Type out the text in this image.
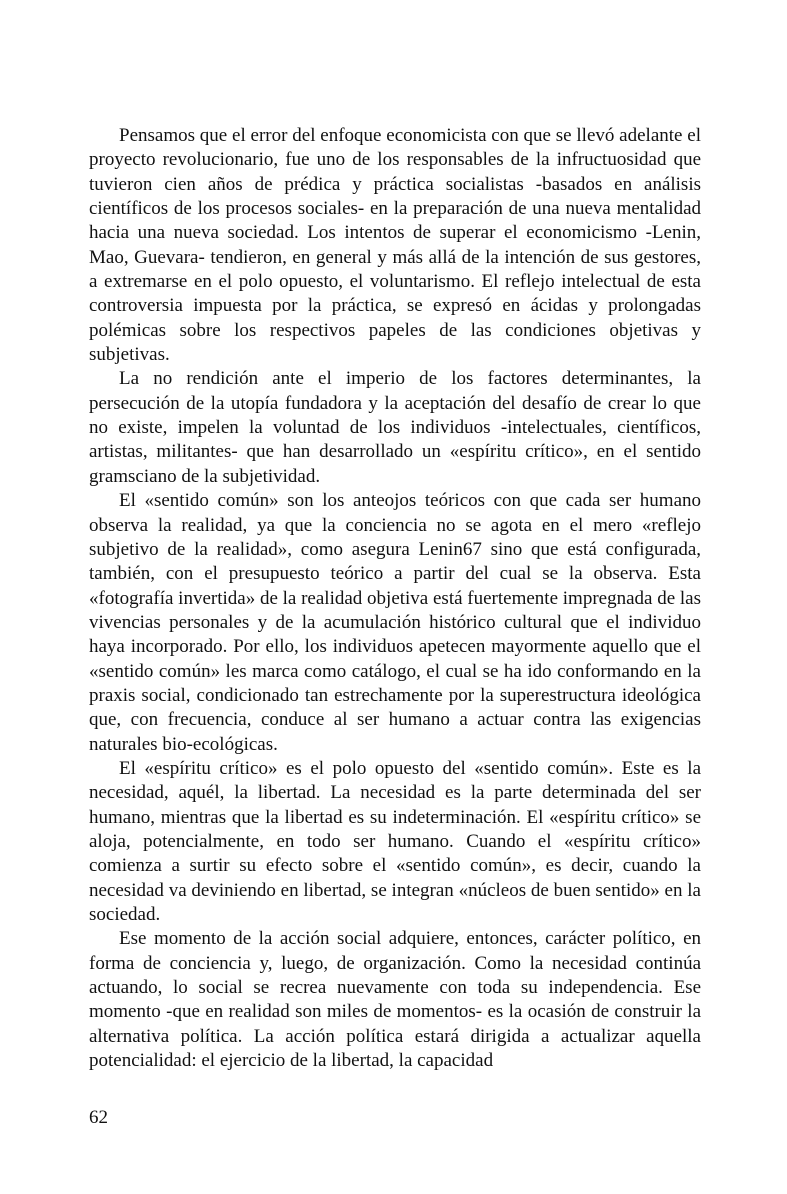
Pensamos que el error del enfoque economicista con que se llevó adelante el proyecto revolucionario, fue uno de los responsables de la infructuosidad que tuvieron cien años de prédica y práctica socialistas -basados en análisis científicos de los procesos sociales- en la preparación de una nueva mentalidad hacia una nueva sociedad. Los intentos de superar el economicismo -Lenin, Mao, Guevara- tendieron, en general y más allá de la intención de sus gestores, a extremarse en el polo opuesto, el voluntarismo. El reflejo intelectual de esta controversia impuesta por la práctica, se expresó en ácidas y prolongadas polémicas sobre los respectivos papeles de las condiciones objetivas y subjetivas.

La no rendición ante el imperio de los factores determinantes, la persecución de la utopía fundadora y la aceptación del desafío de crear lo que no existe, impelen la voluntad de los individuos -intelectuales, científicos, artistas, militantes- que han desarrollado un «espíritu crítico», en el sentido gramsciano de la subjetividad.

El «sentido común» son los anteojos teóricos con que cada ser humano observa la realidad, ya que la conciencia no se agota en el mero «reflejo subjetivo de la realidad», como asegura Lenin67 sino que está configurada, también, con el presupuesto teórico a partir del cual se la observa. Esta «fotografía invertida» de la realidad objetiva está fuertemente impregnada de las vivencias personales y de la acumulación histórico cultural que el individuo haya incorporado. Por ello, los individuos apetecen mayormente aquello que el «sentido común» les marca como catálogo, el cual se ha ido conformando en la praxis social, condicionado tan estrechamente por la superestructura ideológica que, con frecuencia, conduce al ser humano a actuar contra las exigencias naturales bio-ecológicas.

El «espíritu crítico» es el polo opuesto del «sentido común». Este es la necesidad, aquél, la libertad. La necesidad es la parte determinada del ser humano, mientras que la libertad es su indeterminación. El «espíritu crítico» se aloja, potencialmente, en todo ser humano. Cuando el «espíritu crítico» comienza a surtir su efecto sobre el «sentido común», es decir, cuando la necesidad va deviniendo en libertad, se integran «núcleos de buen sentido» en la sociedad.

Ese momento de la acción social adquiere, entonces, carácter político, en forma de conciencia y, luego, de organización. Como la necesidad continúa actuando, lo social se recrea nuevamente con toda su independencia. Ese momento -que en realidad son miles de momentos- es la ocasión de construir la alternativa política. La acción política estará dirigida a actualizar aquella potencialidad: el ejercicio de la libertad, la capacidad

62
